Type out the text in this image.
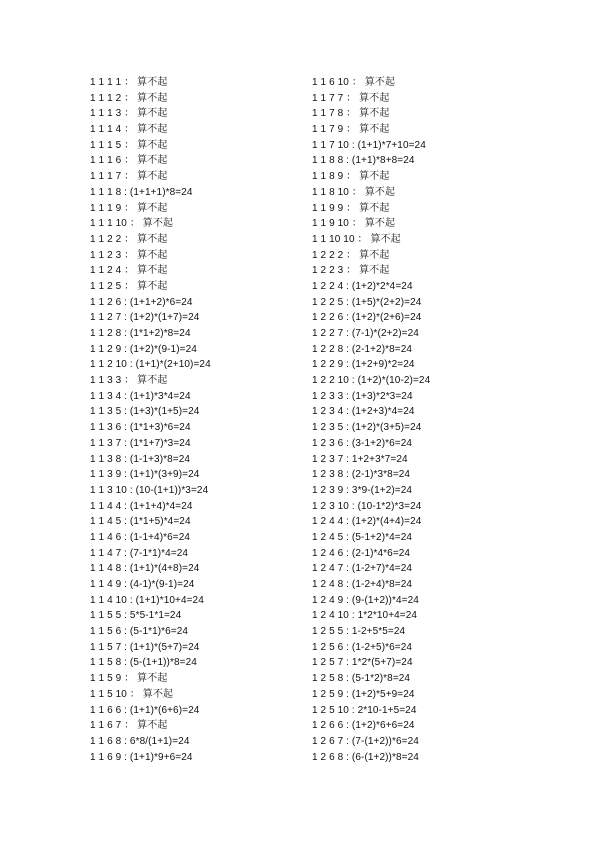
1 1 1 1 ： 算不起
1 1 1 2 ： 算不起
1 1 1 3 ： 算不起
1 1 1 4 ： 算不起
1 1 1 5 ： 算不起
1 1 1 6 ： 算不起
1 1 1 7 ： 算不起
1 1 1 8 : (1+1+1)*8=24
1 1 1 9 ： 算不起
1 1 1 10 ： 算不起
1 1 2 2 ： 算不起
1 1 2 3 ： 算不起
1 1 2 4 ： 算不起
1 1 2 5 ： 算不起
1 1 2 6 : (1+1+2)*6=24
1 1 2 7 : (1+2)*(1+7)=24
1 1 2 8 : (1*1+2)*8=24
1 1 2 9 : (1+2)*(9-1)=24
1 1 2 10 : (1+1)*(2+10)=24
1 1 3 3 ： 算不起
1 1 3 4 : (1+1)*3*4=24
1 1 3 5 : (1+3)*(1+5)=24
1 1 3 6 : (1*1+3)*6=24
1 1 3 7 : (1*1+7)*3=24
1 1 3 8 : (1-1+3)*8=24
1 1 3 9 : (1+1)*(3+9)=24
1 1 3 10 : (10-(1+1))*3=24
1 1 4 4 : (1+1+4)*4=24
1 1 4 5 : (1*1+5)*4=24
1 1 4 6 : (1-1+4)*6=24
1 1 4 7 : (7-1*1)*4=24
1 1 4 8 : (1+1)*(4+8)=24
1 1 4 9 : (4-1)*(9-1)=24
1 1 4 10 : (1+1)*10+4=24
1 1 5 5 : 5*5-1*1=24
1 1 5 6 : (5-1*1)*6=24
1 1 5 7 : (1+1)*(5+7)=24
1 1 5 8 : (5-(1+1))*8=24
1 1 5 9 ： 算不起
1 1 5 10 ： 算不起
1 1 6 6 : (1+1)*(6+6)=24
1 1 6 7 ： 算不起
1 1 6 8 : 6*8/(1+1)=24
1 1 6 9 : (1+1)*9+6=24
1 1 6 10 ： 算不起
1 1 7 7 ： 算不起
1 1 7 8 ： 算不起
1 1 7 9 ： 算不起
1 1 7 10 : (1+1)*7+10=24
1 1 8 8 : (1+1)*8+8=24
1 1 8 9 ： 算不起
1 1 8 10 ： 算不起
1 1 9 9 ： 算不起
1 1 9 10 ： 算不起
1 1 10 10 ： 算不起
1 2 2 2 ： 算不起
1 2 2 3 ： 算不起
1 2 2 4 : (1+2)*2*4=24
1 2 2 5 : (1+5)*(2+2)=24
1 2 2 6 : (1+2)*(2+6)=24
1 2 2 7 : (7-1)*(2+2)=24
1 2 2 8 : (2-1+2)*8=24
1 2 2 9 : (1+2+9)*2=24
1 2 2 10 : (1+2)*(10-2)=24
1 2 3 3 : (1+3)*2*3=24
1 2 3 4 : (1+2+3)*4=24
1 2 3 5 : (1+2)*(3+5)=24
1 2 3 6 : (3-1+2)*6=24
1 2 3 7 : 1+2+3*7=24
1 2 3 8 : (2-1)*3*8=24
1 2 3 9 : 3*9-(1+2)=24
1 2 3 10 : (10-1*2)*3=24
1 2 4 4 : (1+2)*(4+4)=24
1 2 4 5 : (5-1+2)*4=24
1 2 4 6 : (2-1)*4*6=24
1 2 4 7 : (1-2+7)*4=24
1 2 4 8 : (1-2+4)*8=24
1 2 4 9 : (9-(1+2))*4=24
1 2 4 10 : 1*2*10+4=24
1 2 5 5 : 1-2+5*5=24
1 2 5 6 : (1-2+5)*6=24
1 2 5 7 : 1*2*(5+7)=24
1 2 5 8 : (5-1*2)*8=24
1 2 5 9 : (1+2)*5+9=24
1 2 5 10 : 2*10-1+5=24
1 2 6 6 : (1+2)*6+6=24
1 2 6 7 : (7-(1+2))*6=24
1 2 6 8 : (6-(1+2))*8=24
